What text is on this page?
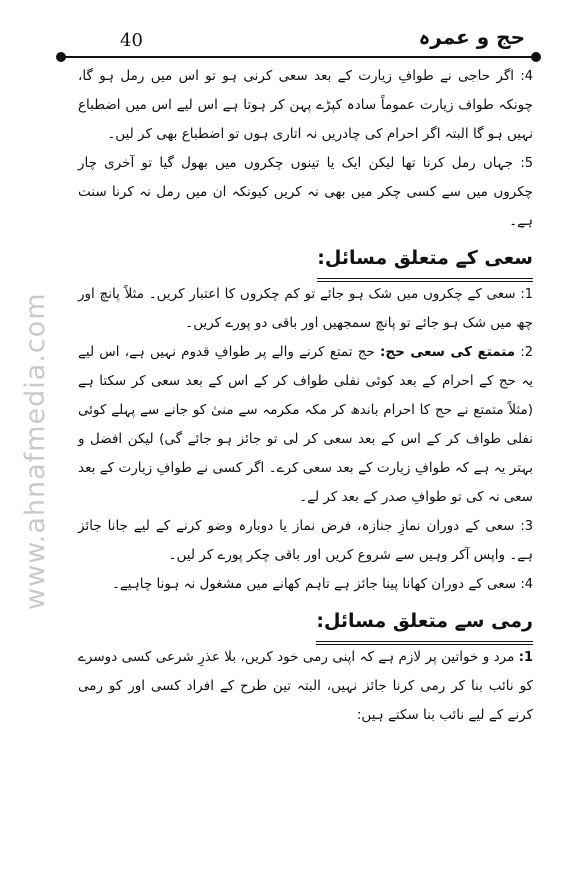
40	حج و عمرہ
www.ahnafmedia.com

4: اگر حاجی نے طوافِ زیارت کے بعد سعی کرنی ہو تو اس میں رمل ہو گا، چونکہ طواف زیارت عموماً سادہ کپڑے پہن کر ہوتا ہے اس لیے اس میں اضطباع نہیں ہو گا البتہ اگر احرام کی چادریں نہ اتاری ہوں تو اضطباع بھی کر لیں۔

5: جہاں رمل کرنا تھا لیکن ایک یا تینوں چکروں میں بھول گیا تو آخری چار چکروں میں سے کسی چکر میں بھی نہ کریں کیونکہ ان میں رمل نہ کرنا سنت ہے۔

سعی کے متعلق مسائل:

1: سعی کے چکروں میں شک ہو جائے تو کم چکروں کا اعتبار کریں۔ مثلاً پانچ اور چھ میں شک ہو جائے تو پانچ سمجھیں اور باقی دو پورے کریں۔

2: متمتع کی سعی حج: حج تمتع کرنے والے پر طوافِ قدوم نہیں ہے، اس لیے یہ حج کے احرام کے بعد کوئی نفلی طواف کر کے اس کے بعد سعی کر سکتا ہے (مثلاً متمتع نے حج کا احرام باندھ کر مکہ مکرمہ سے منیٰ کو جانے سے پہلے کوئی نفلی طواف کر کے اس کے بعد سعی کر لی تو جائز ہو جائے گی) لیکن افضل و بہتر یہ ہے کہ طوافِ زیارت کے بعد سعی کرے۔ اگر کسی نے طوافِ زیارت کے بعد سعی نہ کی تو طوافِ صدر کے بعد کر لے۔

3: سعی کے دوران نمازِ جنازہ، فرض نماز یا دوبارہ وضو کرنے کے لیے جانا جائز ہے۔ واپس آکر وہیں سے شروع کریں اور باقی چکر پورے کر لیں۔

4: سعی کے دوران کھانا پینا جائز ہے تاہم کھانے میں مشغول نہ ہونا چاہیے۔

رمی سے متعلق مسائل:

1: مرد و خواتین پر لازم ہے کہ اپنی رمی خود کریں، بلا عذرِ شرعی کسی دوسرے کو نائب بنا کر رمی کرنا جائز نہیں، البتہ تین طرح کے افراد کسی اور کو رمی کرنے کے لیے نائب بنا سکتے ہیں:
